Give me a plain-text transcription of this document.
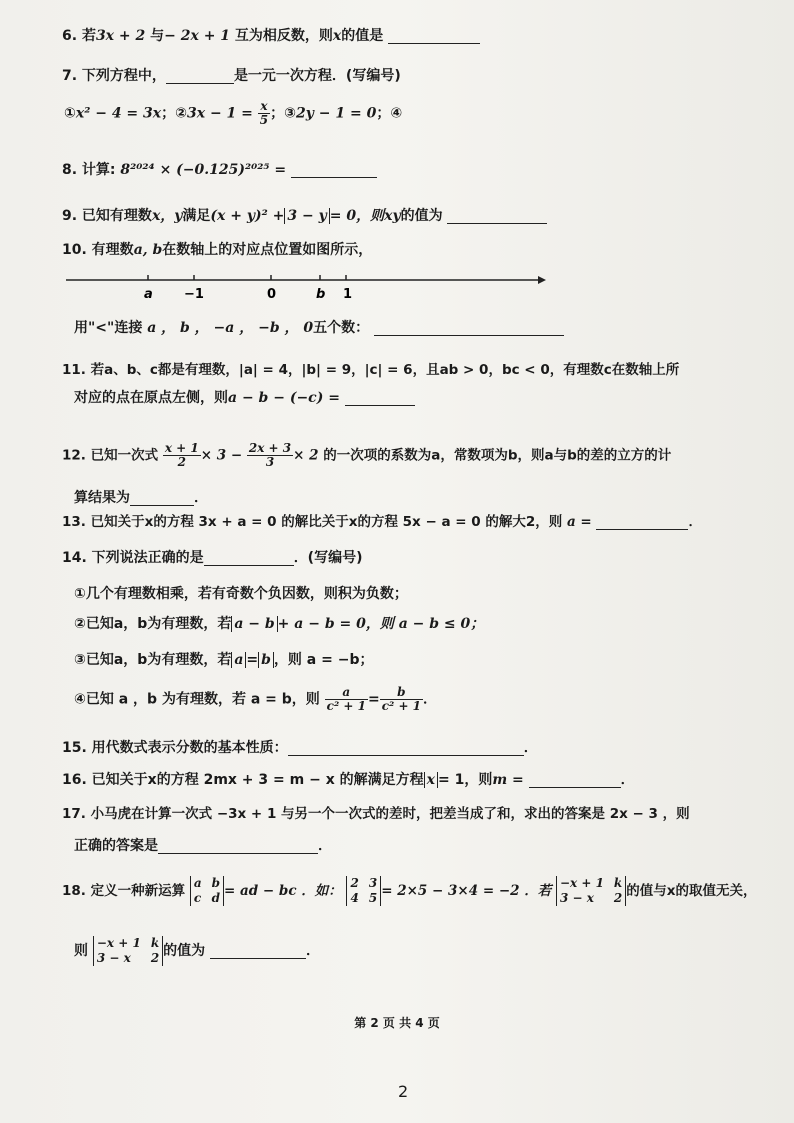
6. 若3x + 2 与− 2x + 1 互为相反数，则x的值是
7. 下列方程中，	是一元一次方程．(写编号)
①x² − 4 = 3x；②3x − $1 = \frac{x}{5}$ ；③2y − 1 = 0；④
8. 计算: 8²⁰²⁴ × (−0.125)²⁰²⁵ =
9. 已知有理数x，y满足(x + y)² + 3 − y = 0，则xy的值为
10. 有理数a, b在数轴上的对应点位置如图所示，
a −1	0	b 1
用"<"连接 a ， b ， −a ， −b ， 0五个数：
11. 若a、b、c都是有理数，|a| = 4，|b| = 9，|c| = 6，且ab > 0，bc < 0，有理数c在数轴上所
对应的点在原点左侧，则a − b − (−c) =
12. 已知一次式 $\frac{x + 1}{2} \times 3 - \frac{2x + 3}{3} \times 2$ 的一次项的系数为a，常数项为b，则a与b的差的立方的计
算结果为	．
13. 已知关于x的方程 3x + a = 0 的解比关于x的方程 5x − a = 0 的解大2，则 a =	．
14. 下列说法正确的是	．(写编号)
①几个有理数相乘，若有奇数个负因数，则积为负数；
②已知a，b为有理数，若 a − b + a − b = 0，则 a − b ≤ 0；
③已知a，b为有理数，若 a = b ，则 a = −b；
④已知 a ，b 为有理数，若 a = b，则 $\frac{a}{\text{c² + 1}} = \frac{b}{\text{c² + 1}}$ ．
15. 用代数式表示分数的基本性质：	．
16. 已知关于x的方程 2mx + 3 = m − x 的解满足方程 x = 1，则m =	．
17. 小马虎在计算一次式 −3x + 1 与另一个一次式的差时，把差当成了和，求出的答案是 2x − 3 ，则
正确的答案是	．
18. 定义一种新运算 a b
c d = ad − bc ．如： 2 3
4 5 = 2×5 − 3×4 = −2 ．若 −x + 1 k
3 − x 2 的值与x的取值无关，
则 −x + 1 k
3 − x 2 的值为	．
第 2 页 共 4 页
2
